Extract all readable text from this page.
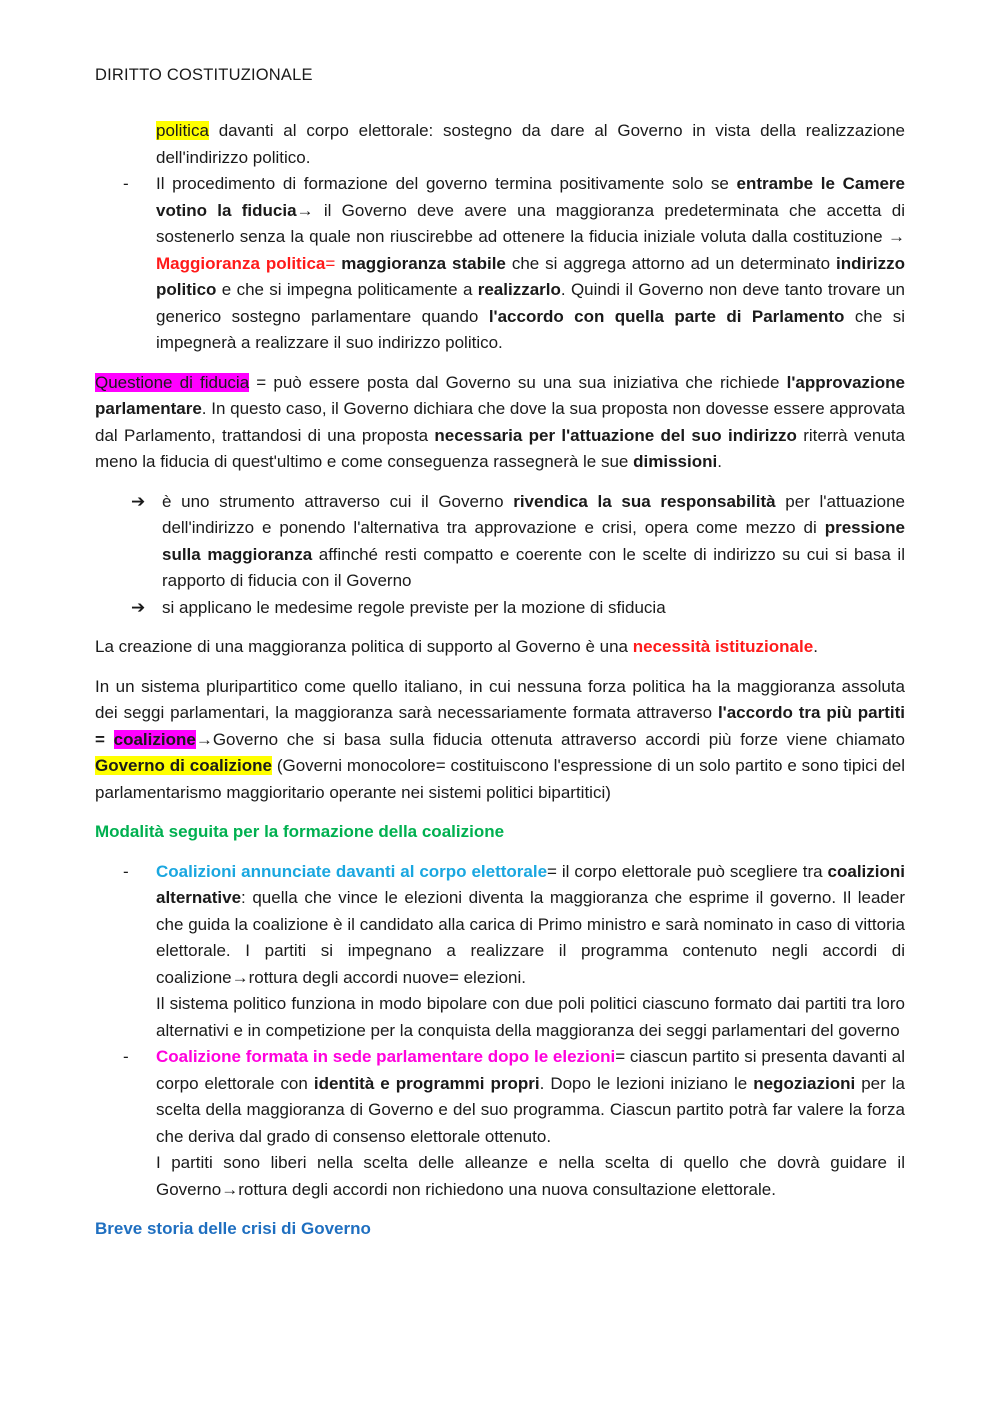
DIRITTO COSTITUZIONALE

politica davanti al corpo elettorale: sostegno da dare al Governo in vista della realizzazione dell'indirizzo politico.

- Il procedimento di formazione del governo termina positivamente solo se entrambe le Camere votino la fiducia→ il Governo deve avere una maggioranza predeterminata che accetta di sostenerlo senza la quale non riuscirebbe ad ottenere la fiducia iniziale voluta dalla costituzione → Maggioranza politica= maggioranza stabile che si aggrega attorno ad un determinato indirizzo politico e che si impegna politicamente a realizzarlo. Quindi il Governo non deve tanto trovare un generico sostegno parlamentare quando l'accordo con quella parte di Parlamento che si impegnerà a realizzare il suo indirizzo politico.

Questione di fiducia = può essere posta dal Governo su una sua iniziativa che richiede l'approvazione parlamentare. In questo caso, il Governo dichiara che dove la sua proposta non dovesse essere approvata dal Parlamento, trattandosi di una proposta necessaria per l'attuazione del suo indirizzo riterrà venuta meno la fiducia di quest'ultimo e come conseguenza rassegnerà le sue dimissioni.

➔ è uno strumento attraverso cui il Governo rivendica la sua responsabilità per l'attuazione dell'indirizzo e ponendo l'alternativa tra approvazione e crisi, opera come mezzo di pressione sulla maggioranza affinché resti compatto e coerente con le scelte di indirizzo su cui si basa il rapporto di fiducia con il Governo
➔ si applicano le medesime regole previste per la mozione di sfiducia

La creazione di una maggioranza politica di supporto al Governo è una necessità istituzionale.

In un sistema pluripartitico come quello italiano, in cui nessuna forza politica ha la maggioranza assoluta dei seggi parlamentari, la maggioranza sarà necessariamente formata attraverso l'accordo tra più partiti = coalizione→Governo che si basa sulla fiducia ottenuta attraverso accordi più forze viene chiamato Governo di coalizione (Governi monocolore= costituiscono l'espressione di un solo partito e sono tipici del parlamentarismo maggioritario operante nei sistemi politici bipartitici)

Modalità seguita per la formazione della coalizione

- Coalizioni annunciate davanti al corpo elettorale= il corpo elettorale può scegliere tra coalizioni alternative: quella che vince le elezioni diventa la maggioranza che esprime il governo. Il leader che guida la coalizione è il candidato alla carica di Primo ministro e sarà nominato in caso di vittoria elettorale. I partiti si impegnano a realizzare il programma contenuto negli accordi di coalizione→rottura degli accordi nuove= elezioni.
Il sistema politico funziona in modo bipolare con due poli politici ciascuno formato dai partiti tra loro alternativi e in competizione per la conquista della maggioranza dei seggi parlamentari del governo
- Coalizione formata in sede parlamentare dopo le elezioni= ciascun partito si presenta davanti al corpo elettorale con identità e programmi propri. Dopo le lezioni iniziano le negoziazioni per la scelta della maggioranza di Governo e del suo programma. Ciascun partito potrà far valere la forza che deriva dal grado di consenso elettorale ottenuto.
I partiti sono liberi nella scelta delle alleanze e nella scelta di quello che dovrà guidare il Governo→rottura degli accordi non richiedono una nuova consultazione elettorale.

Breve storia delle crisi di Governo
